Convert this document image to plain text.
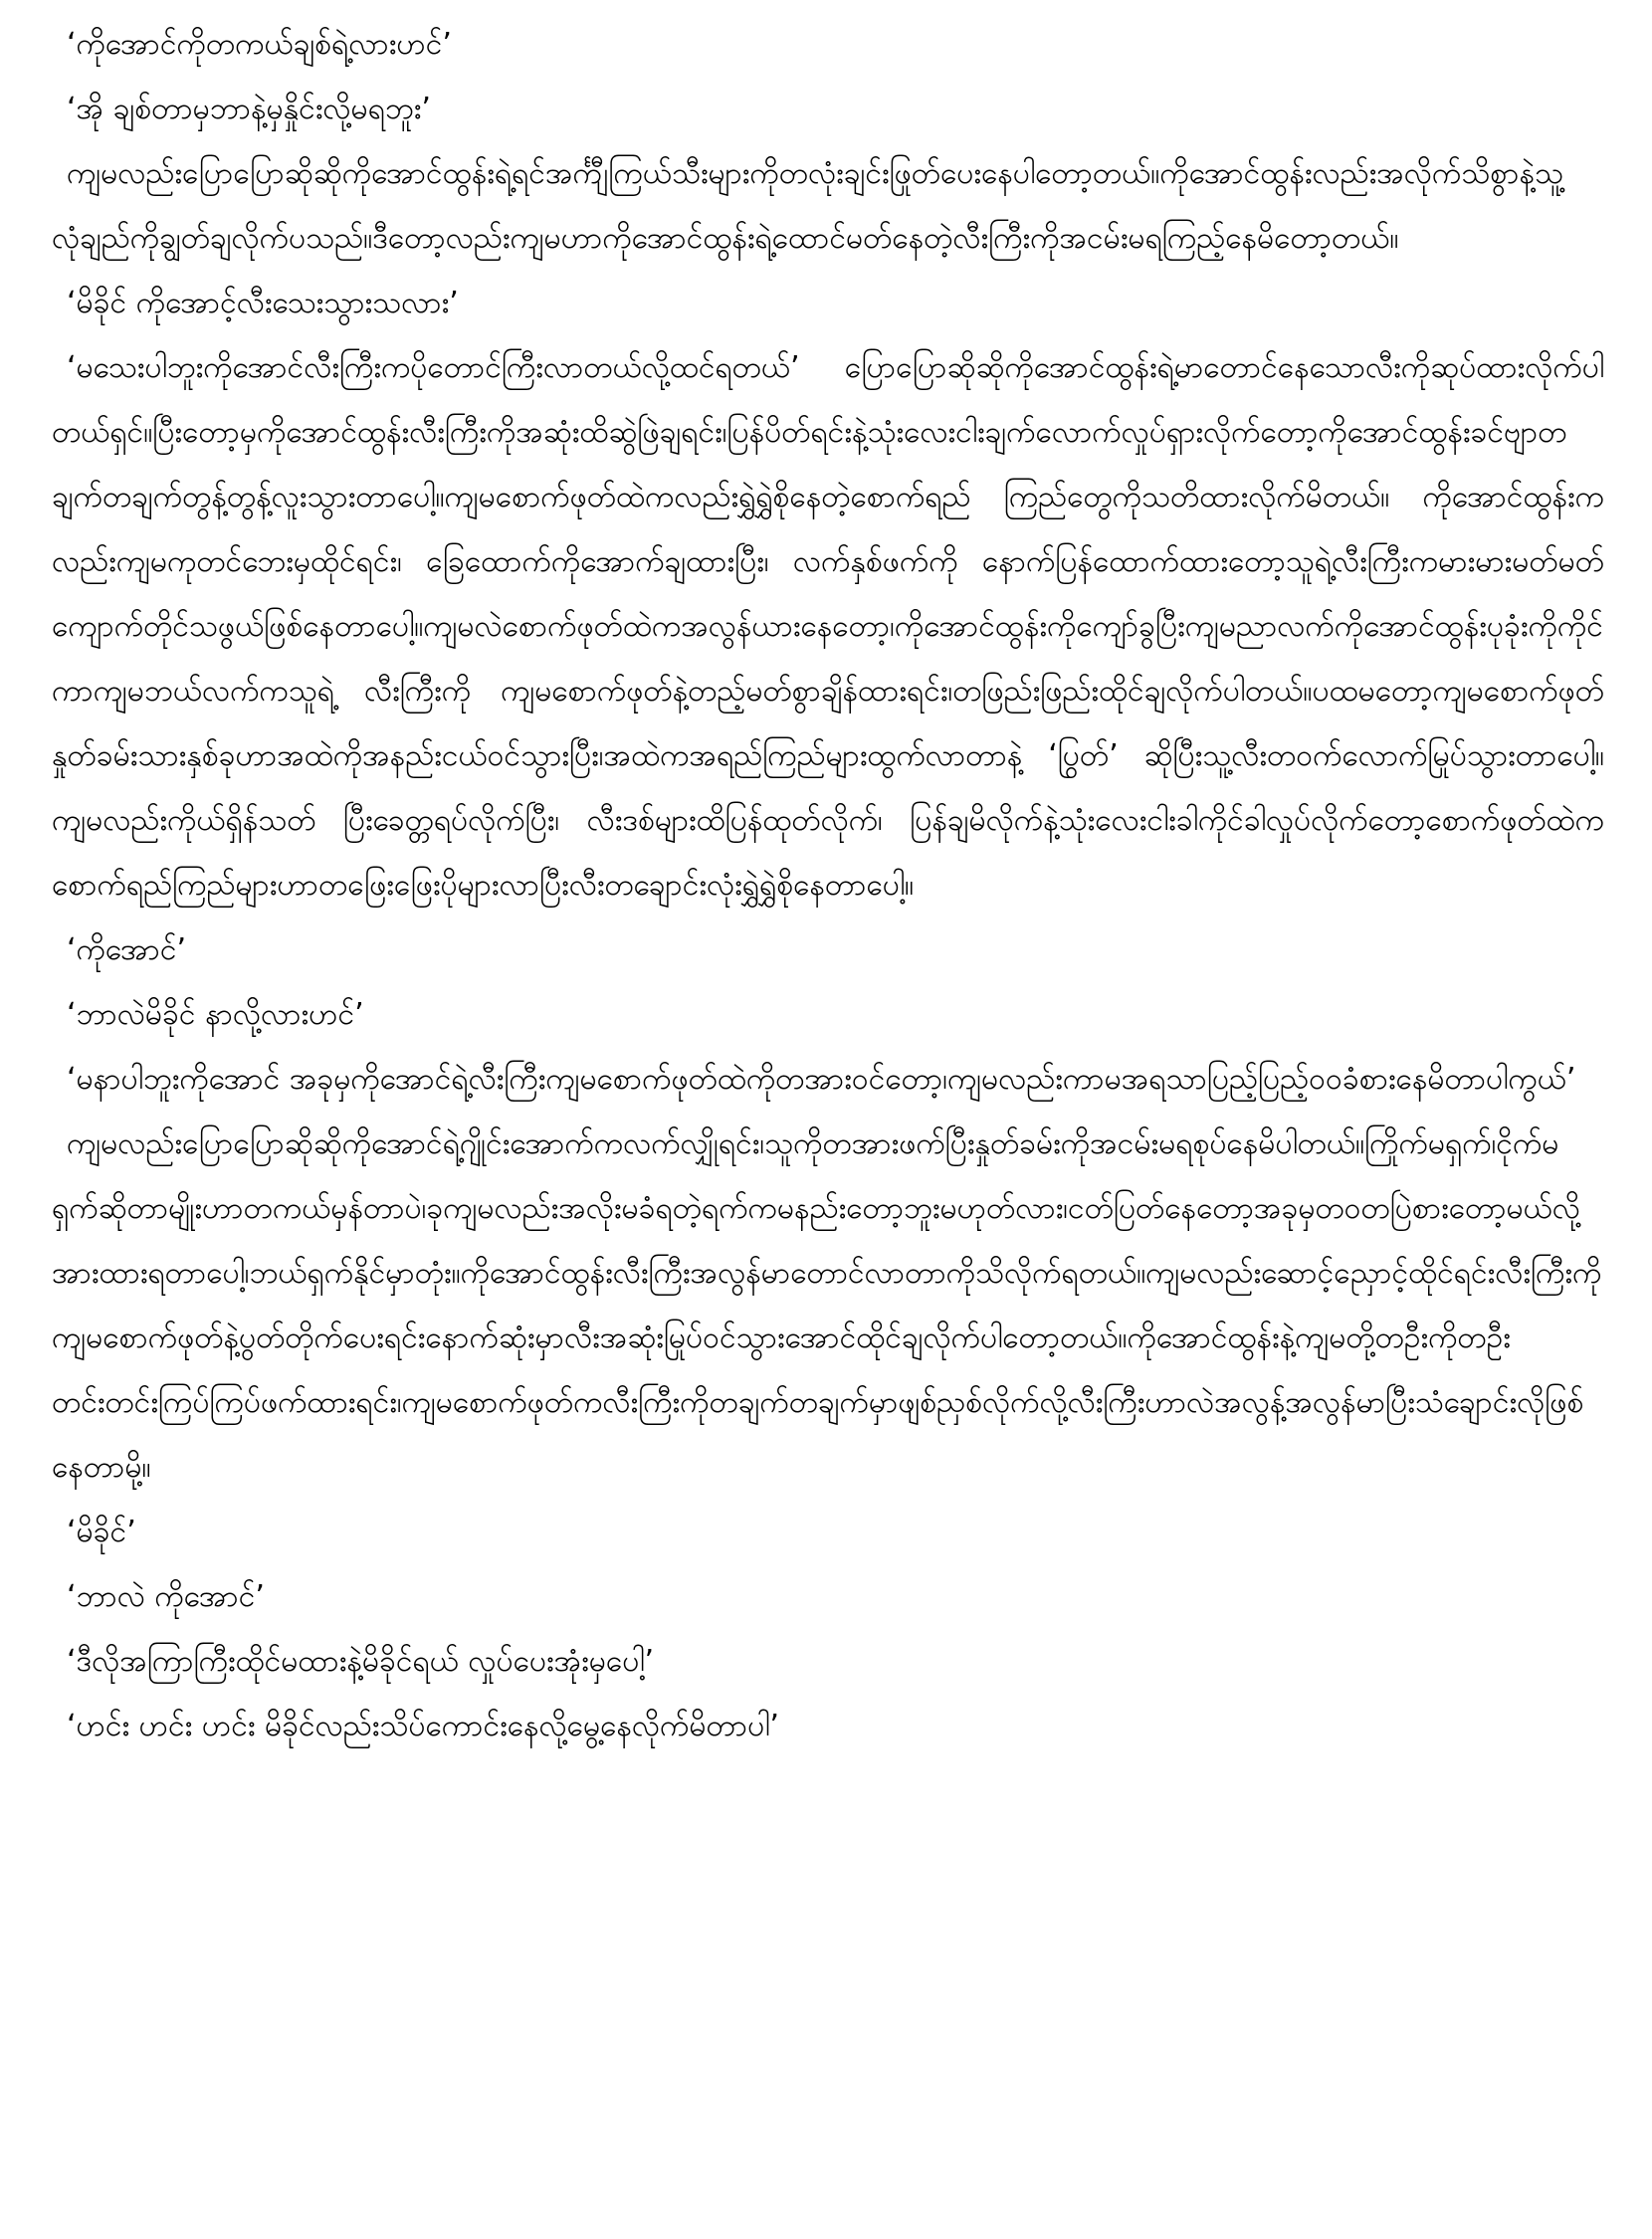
‘ကိုအောင်ကိုတကယ်ချစ်ရဲ့လားဟင်’

‘အို ချစ်တာမှဘာနဲ့မှနှိုင်းလို့မရဘူး’

ကျမလည်းပြောပြောဆိုဆိုကိုအောင်ထွန်းရဲ့ရင်အင်္ကျီကြယ်သီးများကိုတလုံးချင်းဖြုတ်ပေးနေပါတော့တယ်။ကိုအောင်ထွန်းလည်းအလိုက်သိစွာနဲ့သူ့လုံချည်ကိုချွတ်ချလိုက်ပသည်။ဒီတော့လည်းကျမဟာကိုအောင်ထွန်းရဲ့ထောင်မတ်နေတဲ့လီးကြီးကိုအငမ်းမရကြည့်နေမိတော့တယ်။

‘မိခိုင် ကိုအောင့်လီးသေးသွားသလား’

‘မသေးပါဘူးကိုအောင်လီးကြီးကပိုတောင်ကြီးလာတယ်လို့ထင်ရတယ်’ ပြောပြောဆိုဆိုကိုအောင်ထွန်းရဲ့မာတောင်နေသောလီးကိုဆုပ်ထားလိုက်ပါတယ်ရှင်။ပြီးတော့မှကိုအောင်ထွန်းလီးကြီးကိုအဆုံးထိဆွဲဖြဲချရင်း၊ပြန်ပိတ်ရင်းနဲ့သုံးလေးငါးချက်လောက်လှုပ်ရှားလိုက်တော့ကိုအောင်ထွန်းခင်ဗျာတချက်တချက်တွန့်တွန့်လူးသွားတာပေါ့။ကျမစောက်ဖုတ်ထဲကလည်းရွှဲရွှဲစိုနေတဲ့စောက်ရည် ကြည်တွေကိုသတိထားလိုက်မိတယ်။ ကိုအောင်ထွန်းကလည်းကျမကုတင်ဘေးမှထိုင်ရင်း၊ ခြေထောက်ကိုအောက်ချထားပြီး၊ လက်နှစ်ဖက်ကို နောက်ပြန်ထောက်ထားတော့သူရဲ့လီးကြီးကမားမားမတ်မတ်ကျောက်တိုင်သဖွယ်ဖြစ်နေတာပေါ့။ကျမလဲစောက်ဖုတ်ထဲကအလွန်ယားနေတော့၊ကိုအောင်ထွန်းကိုကျော်ခွပြီးကျမညာလက်ကိုအောင်ထွန်းပုခုံးကိုကိုင်ကာကျမဘယ်လက်ကသူရဲ့ လီးကြီးကို ကျမစောက်ဖုတ်နဲ့တည့်မတ်စွာချိန်ထားရင်း၊တဖြည်းဖြည်းထိုင်ချလိုက်ပါတယ်။ပထမတော့ကျမစောက်ဖုတ် နှုတ်ခမ်းသားနှစ်ခုဟာအထဲကိုအနည်းငယ်ဝင်သွားပြီး၊အထဲကအရည်ကြည်များထွက်လာတာနဲ့ ‘ပြွတ်’ ဆိုပြီးသူ့လီးတဝက်လောက်မြုပ်သွားတာပေါ့။ကျမလည်းကိုယ်ရှိန်သတ် ပြီးခေတ္တရပ်လိုက်ပြီး၊ လီးဒစ်များထိပြန်ထုတ်လိုက်၊ ပြန်ချမိလိုက်နဲ့သုံးလေးငါးခါကိုင်ခါလှုပ်လိုက်တော့စောက်ဖုတ်ထဲကစောက်ရည်ကြည်များဟာတဖြေးဖြေးပိုများလာပြီးလီးတချောင်းလုံးရွှဲရွှဲစိုနေတာပေါ့။

‘ကိုအောင်’

‘ဘာလဲမိခိုင် နာလို့လားဟင်’

‘မနာပါဘူးကိုအောင် အခုမှကိုအောင်ရဲ့လီးကြီးကျမစောက်ဖုတ်ထဲကိုတအားဝင်တော့၊ကျမလည်းကာမအရသာပြည့်ပြည့်ဝဝခံစားနေမိတာပါကွယ်’

ကျမလည်းပြောပြောဆိုဆိုကိုအောင်ရဲ့ဂျိုင်းအောက်ကလက်လျှိုရင်း၊သူကိုတအားဖက်ပြီးနှုတ်ခမ်းကိုအငမ်းမရစုပ်နေမိပါတယ်။ကြိုက်မရှက်၊ငိုက်မရှက်ဆိုတာမျိုးဟာတကယ်မှန်တာပဲ၊ခုကျမလည်းအလိုးမခံရတဲ့ရက်ကမနည်းတော့ဘူးမဟုတ်လား၊ငတ်ပြတ်နေတော့အခုမှတဝတပြဲစားတော့မယ်လို့အားထားရတာပေါ့၊ဘယ်ရှက်နိုင်မှာတုံး။ကိုအောင်ထွန်းလီးကြီးအလွန်မာတောင်လာတာကိုသိလိုက်ရတယ်။ကျမလည်းဆောင့်ညှောင့်ထိုင်ရင်းလီးကြီးကိုကျမစောက်ဖုတ်နဲ့ပွတ်တိုက်ပေးရင်းနောက်ဆုံးမှာလီးအဆုံးမြုပ်ဝင်သွားအောင်ထိုင်ချလိုက်ပါတော့တယ်။ကိုအောင်ထွန်းနဲ့ကျမတို့တဦးကိုတဦးတင်းတင်းကြပ်ကြပ်ဖက်ထားရင်း၊ကျမစောက်ဖုတ်ကလီးကြီးကိုတချက်တချက်မှာဖျစ်ညှစ်လိုက်လို့လီးကြီးဟာလဲအလွန့်အလွန်မာပြီးသံချောင်းလိုဖြစ်နေတာမို့။

‘မိခိုင်’

‘ဘာလဲ ကိုအောင်’

‘ဒီလိုအကြာကြီးထိုင်မထားနဲ့မိခိုင်ရယ် လှုပ်ပေးအုံးမှပေါ့’

‘ဟင်း ဟင်း ဟင်း မိခိုင်လည်းသိပ်ကောင်းနေလို့မွေ့နေလိုက်မိတာပါ’
